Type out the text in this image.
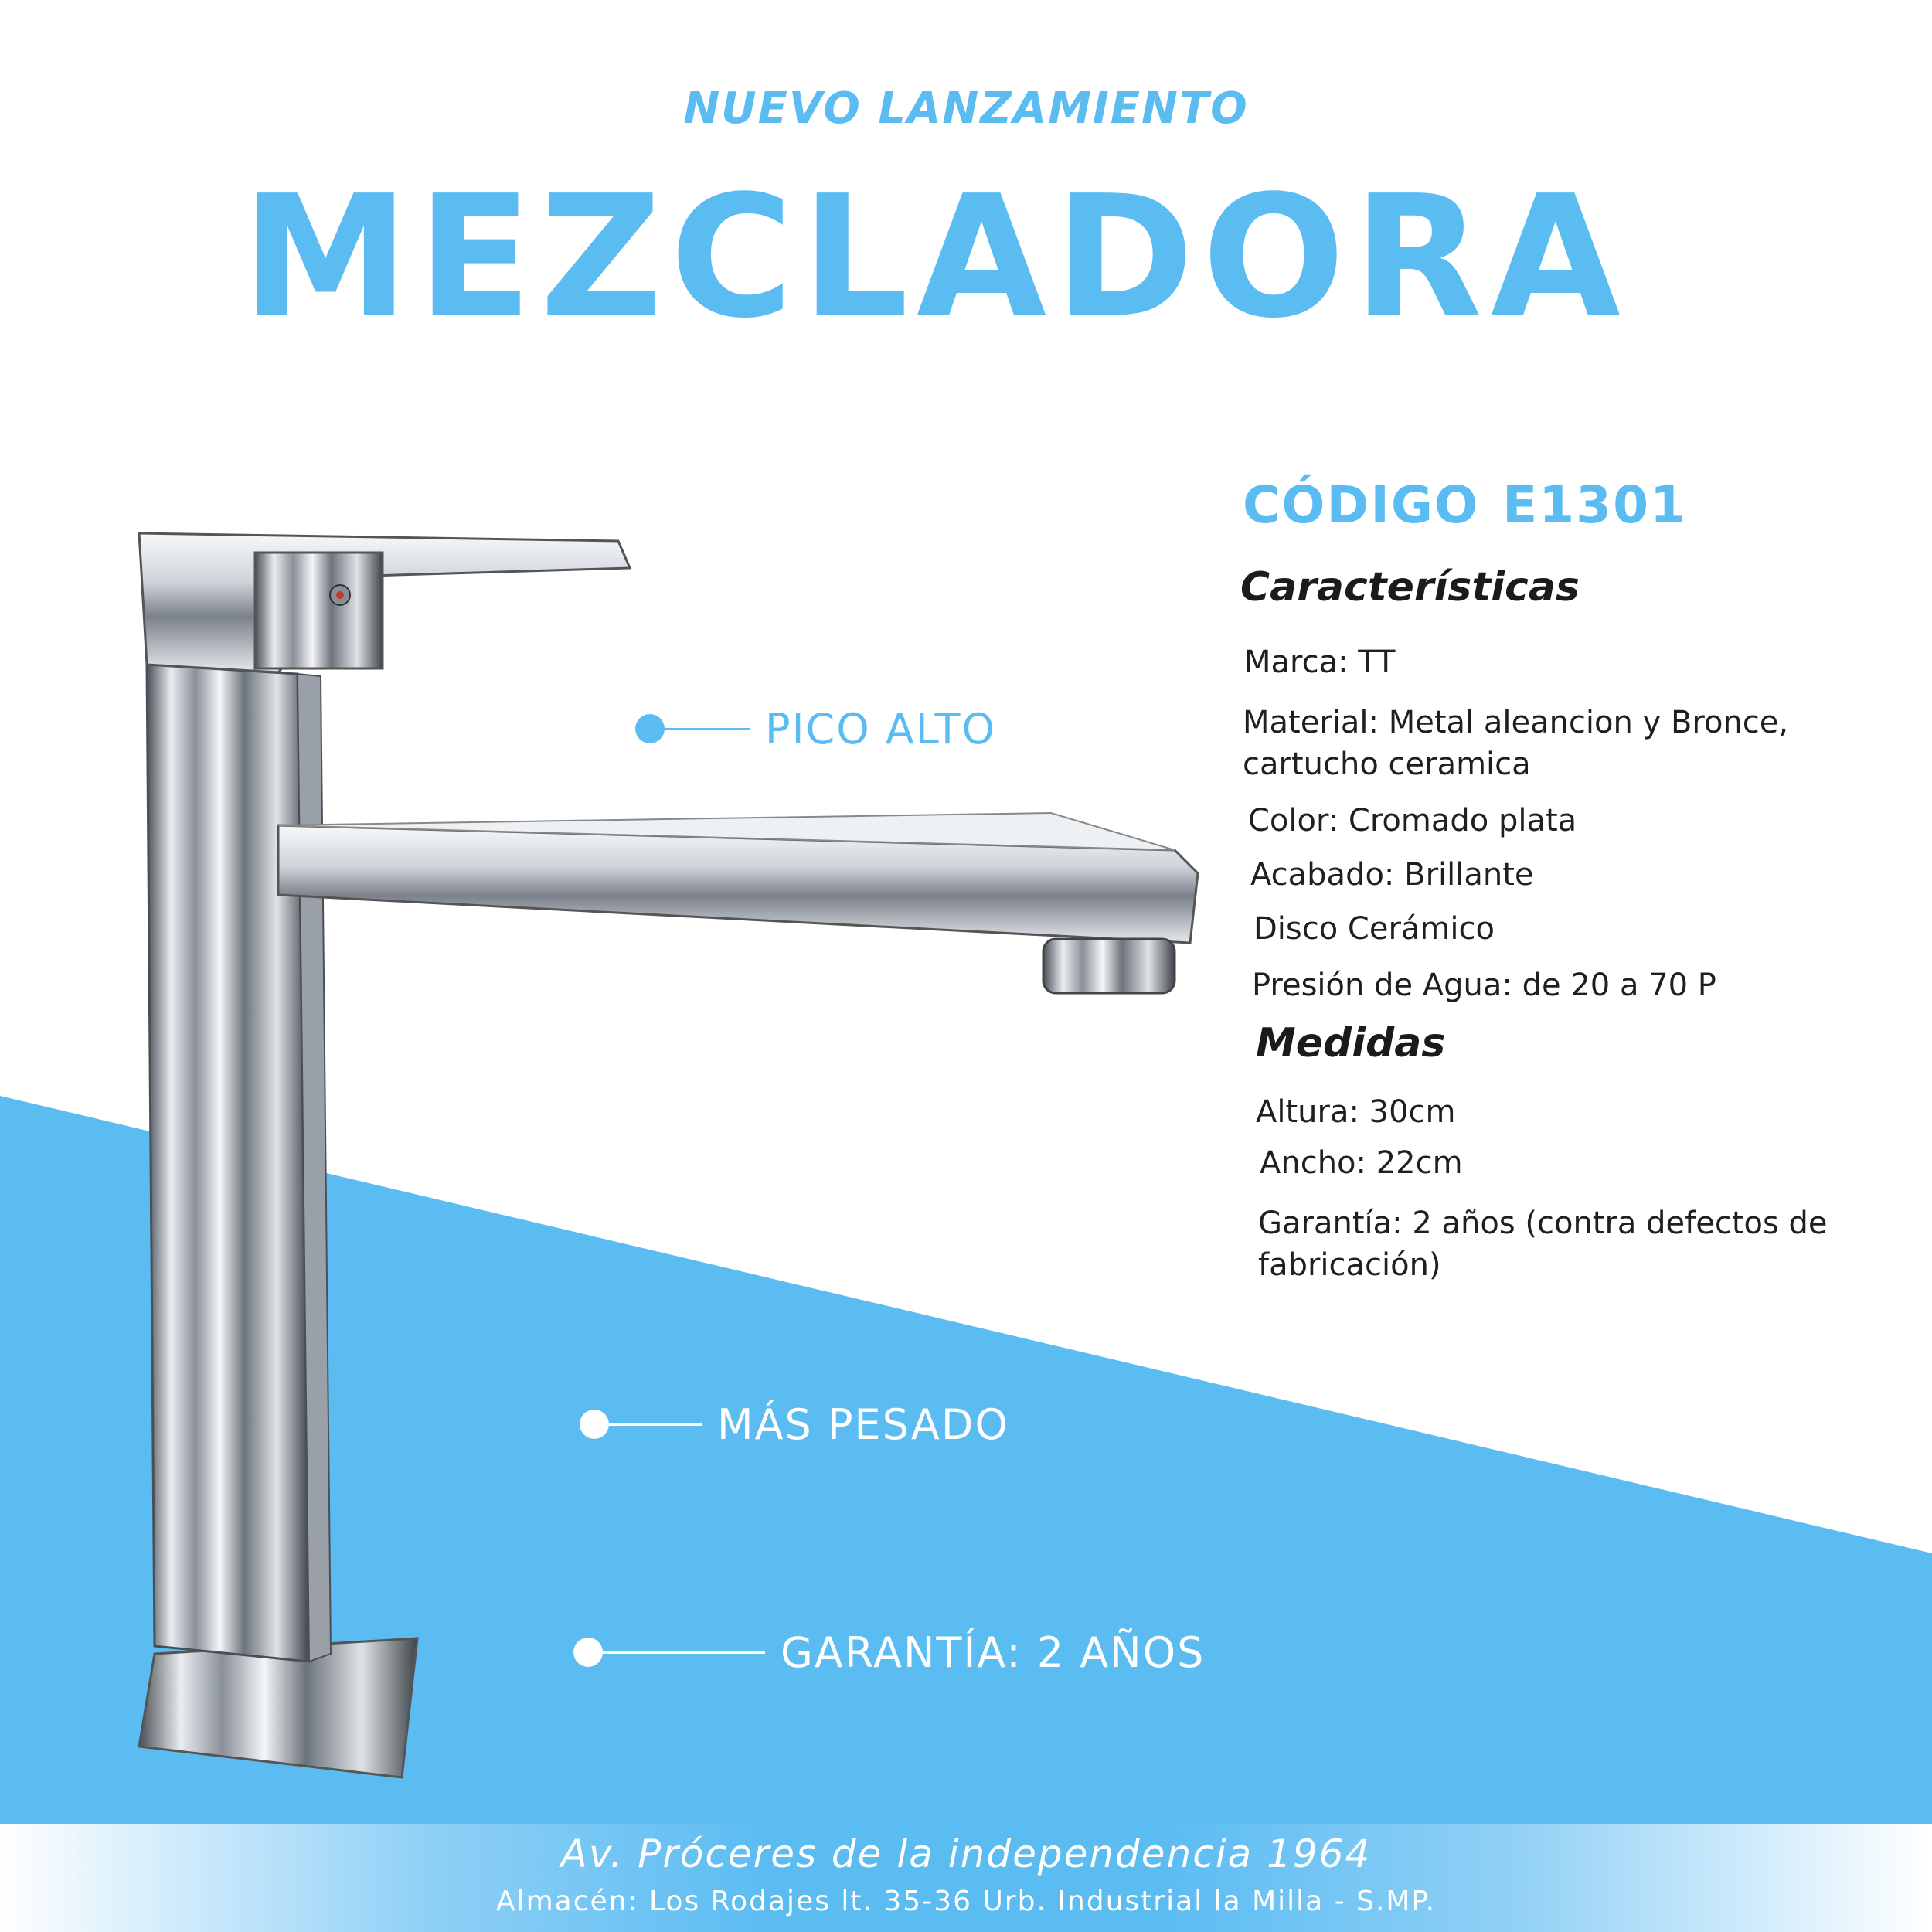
NUEVO LANZAMIENTO
MEZCLADORA
CÓDIGO E1301
Características
Marca: TT
Material: Metal aleancion y Bronce, cartucho ceramica
Color: Cromado plata
Acabado: Brillante
Disco Cerámico
Presión de Agua: de 20 a 70 P
Medidas
Altura: 30cm
Ancho: 22cm
Garantía: 2 años (contra defectos de fabricación)
PICO ALTO
MÁS PESADO
GARANTÍA: 2 AÑOS
Av. Próceres de la independencia 1964
Almacén: Los Rodajes lt. 35-36 Urb. Industrial la Milla - S.MP.
